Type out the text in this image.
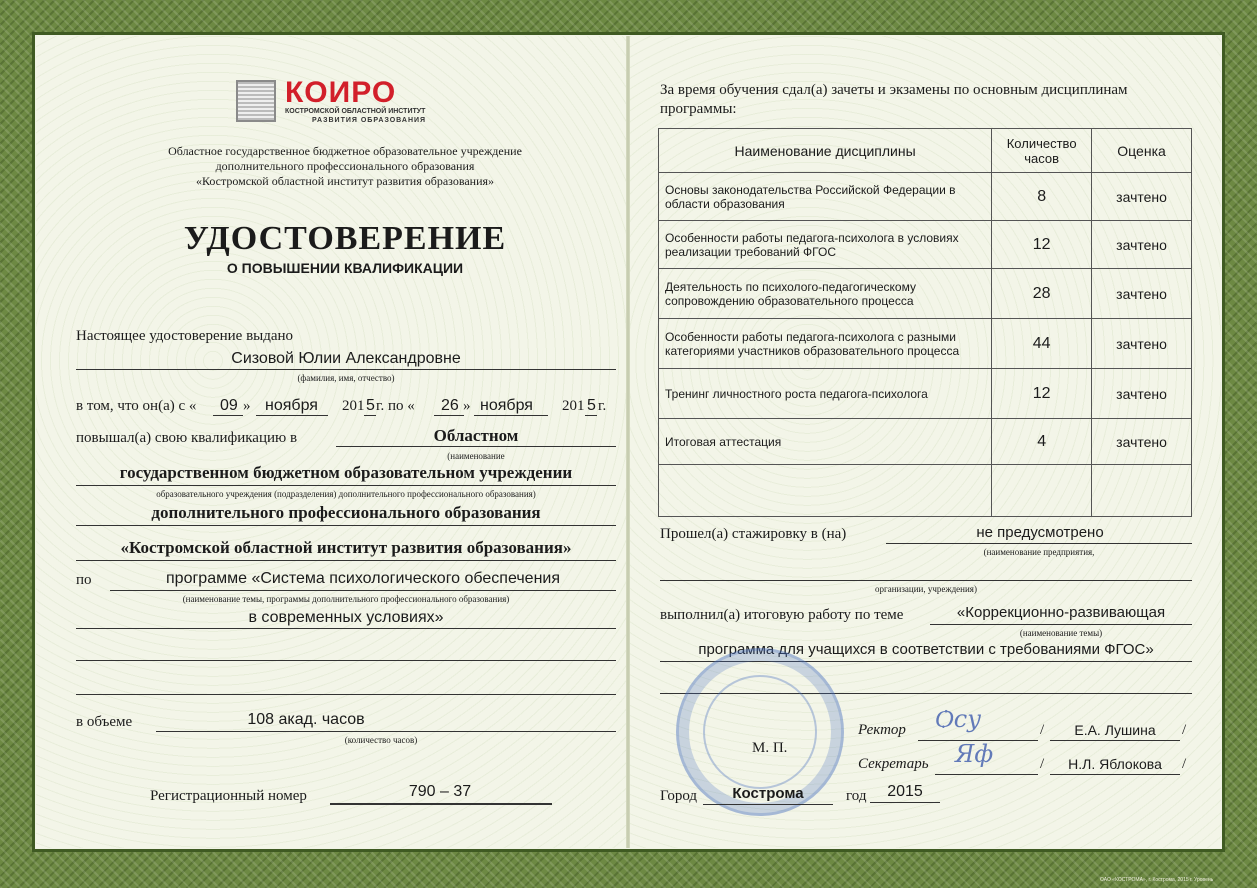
КОИРО
КОСТРОМСКОЙ ОБЛАСТНОЙ ИНСТИТУТ
РАЗВИТИЯ ОБРАЗОВАНИЯ
Областное государственное бюджетное образовательное учреждение
дополнительного профессионального образования
«Костромской областной институт развития образования»
УДОСТОВЕРЕНИЕ
О ПОВЫШЕНИИ КВАЛИФИКАЦИИ
Настоящее удостоверение выдано
Сизовой Юлии Александровне
(фамилия, имя, отчество)
в том, что он(а) с « 09 » ноября 201 5 г. по « 26 » ноября 201 5 г.
повышал(а) свою квалификацию в	Областном
(наименование
государственном бюджетном образовательном учреждении
образовательного учреждения (подразделения) дополнительного профессионального образования)
дополнительного профессионального образования
«Костромской областной институт развития образования»
по	программе «Система психологического обеспечения
(наименование темы, программы дополнительного профессионального образования)
в современных условиях»
в объеме	108 акад. часов
(количество часов)
Регистрационный номер	790 – 37
За время обучения сдал(а) зачеты и экзамены по основным дисциплинам
программы:
Наименование дисциплины	Количество часов	Оценка
Основы законодательства Российской Федерации в области образования	8	зачтено
Особенности работы педагога-психолога в условиях реализации требований ФГОС	12	зачтено
Деятельность по психолого-педагогическому сопровождению образовательного процесса	28	зачтено
Особенности работы педагога-психолога с разными категориями участников образовательного процесса	44	зачтено
Тренинг личностного роста педагога-психолога	12	зачтено
Итоговая аттестация	4	зачтено

Прошел(а) стажировку в (на)	не предусмотрено
(наименование предприятия,
организации, учреждения)
выполнил(а) итоговую работу по теме	«Коррекционно-развивающая
(наименование темы)
программа для учащихся в соответствии с требованиями ФГОС»
М. П.
Ректор Ѻсу	/	Е.А. Лушина	/
Секретарь Яф	/	Н.Л. Яблокова	/
Город	Кострома	год	2015
ОАО «КОСТРОМА», г. Кострома, 2015 г. Уровень
